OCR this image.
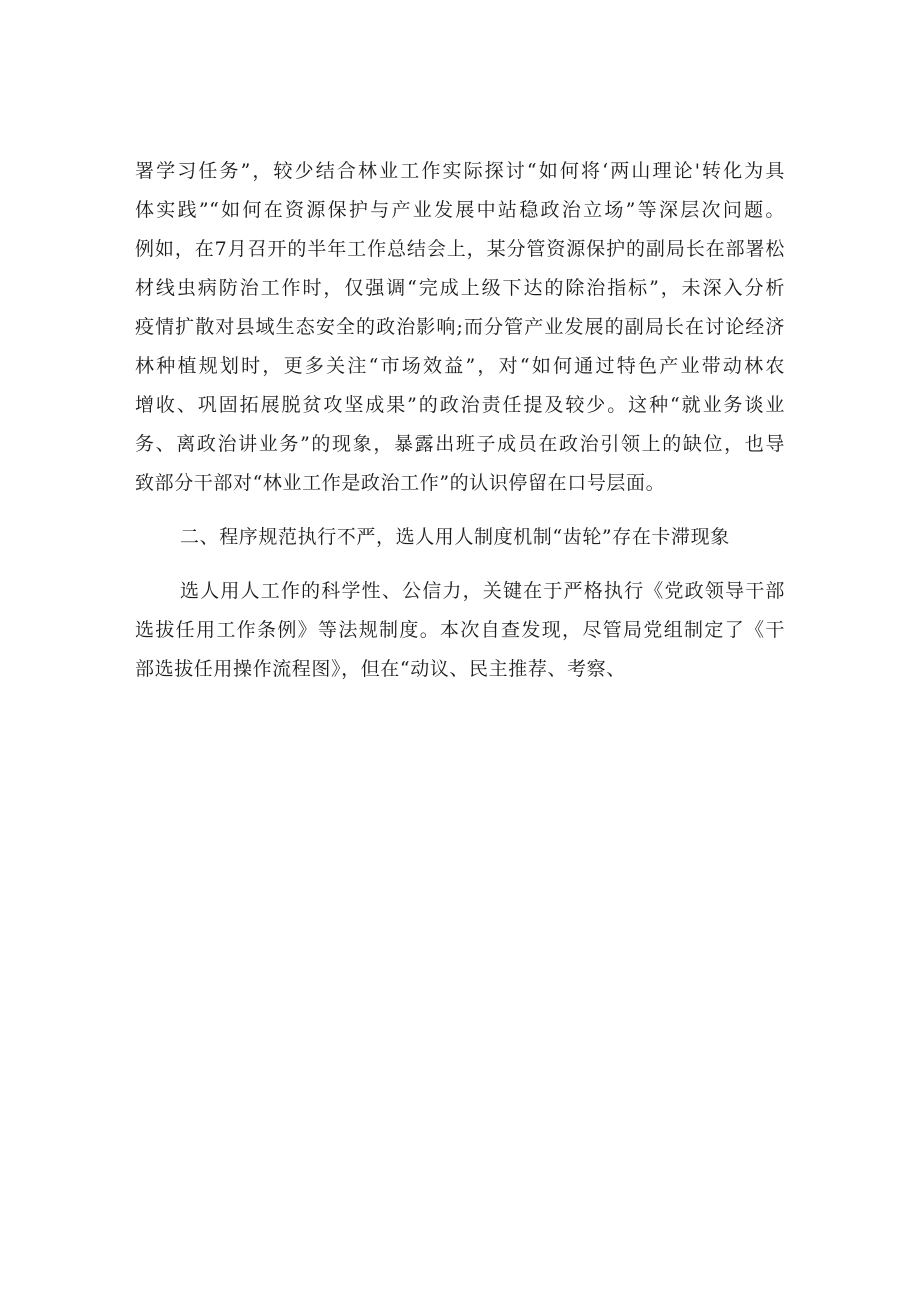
署学习任务”，较少结合林业工作实际探讨“如何将‘两山理论'转化为具
体实践”“如何在资源保护与产业发展中站稳政治立场”等深层次问题。
例如，在7月召开的半年工作总结会上，某分管资源保护的副局长在部署松
材线虫病防治工作时，仅强调“完成上级下达的除治指标”，未深入分析
疫情扩散对县域生态安全的政治影响;而分管产业发展的副局长在讨论经济
林种植规划时，更多关注“市场效益”，对“如何通过特色产业带动林农
增收、巩固拓展脱贫攻坚成果”的政治责任提及较少。这种“就业务谈业
务、离政治讲业务”的现象，暴露出班子成员在政治引领上的缺位，也导
致部分干部对“林业工作是政治工作”的认识停留在口号层面。
二、程序规范执行不严，选人用人制度机制“齿轮”存在卡滞现象
选人用人工作的科学性、公信力，关键在于严格执行《党政领导干部
选拔任用工作条例》等法规制度。本次自查发现，尽管局党组制定了《干
部选拔任用操作流程图》，但在“动议、民主推荐、考察、
